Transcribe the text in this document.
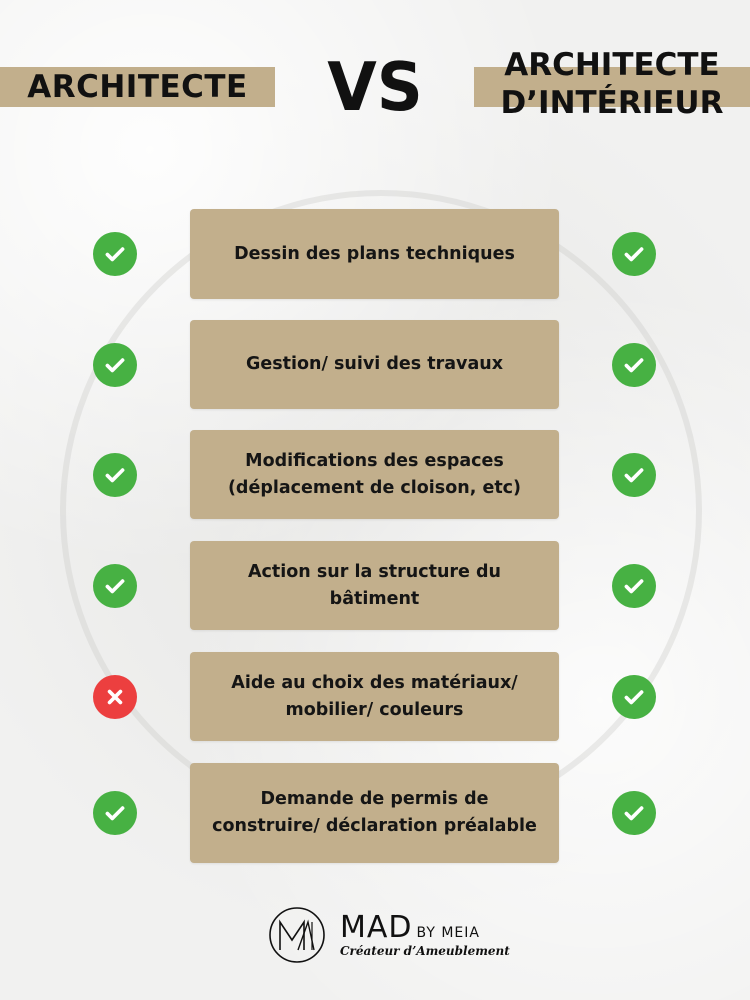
ARCHITECTE VS	ARCHITECTE
D’INTÉRIEUR
Dessin des plans techniques
Gestion/ suivi des travaux
Modifications des espaces
(déplacement de cloison, etc)
Action sur la structure du
bâtiment
Aide au choix des matériaux/
mobilier/ couleurs
Demande de permis de
construire/ déclaration préalable
MAD BY MEIA
Créateur d’Ameublement
